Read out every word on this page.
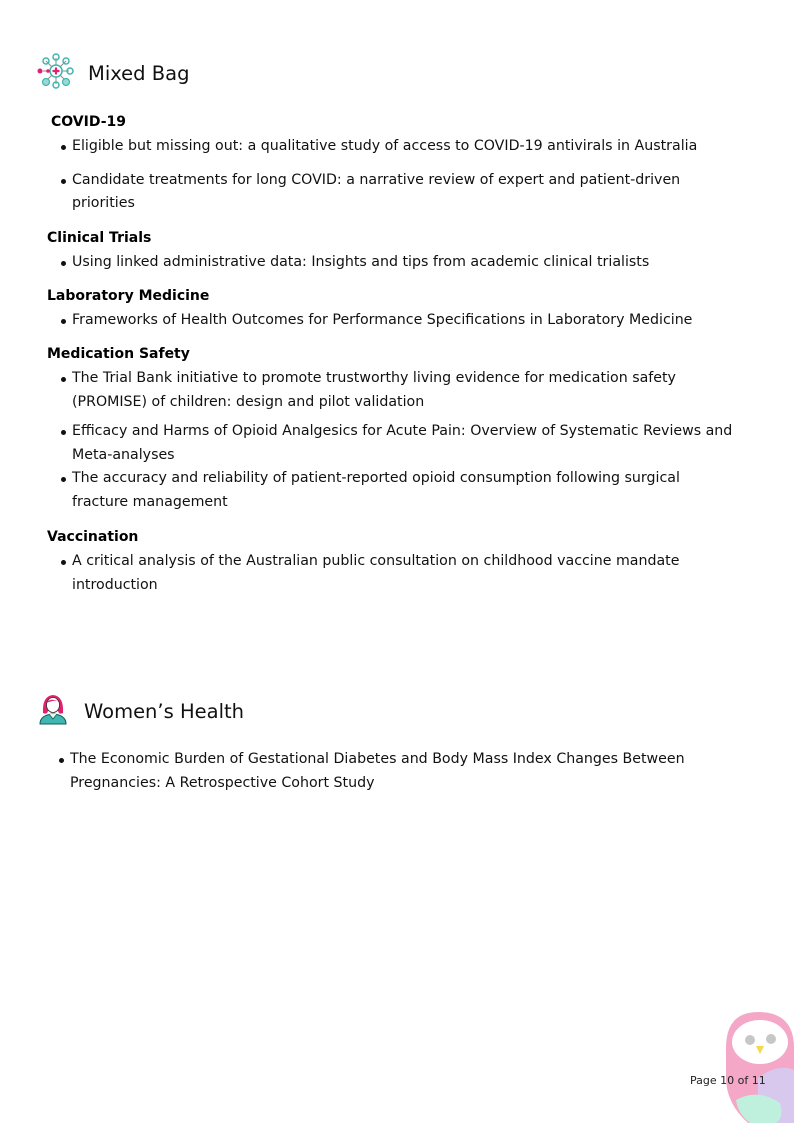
Mixed Bag
COVID-19
Eligible but missing out: a qualitative study of access to COVID-19 antivirals in Australia
Candidate treatments for long COVID: a narrative review of expert and patient-driven priorities
Clinical Trials
Using linked administrative data: Insights and tips from academic clinical trialists
Laboratory Medicine
Frameworks of Health Outcomes for Performance Specifications in Laboratory Medicine
Medication Safety
The Trial Bank initiative to promote trustworthy living evidence for medication safety (PROMISE) of children: design and pilot validation
Efficacy and Harms of Opioid Analgesics for Acute Pain: Overview of Systematic Reviews and Meta-analyses
The accuracy and reliability of patient-reported opioid consumption following surgical fracture management
Vaccination
A critical analysis of the Australian public consultation on childhood vaccine mandate introduction
Women’s Health
The Economic Burden of Gestational Diabetes and Body Mass Index Changes Between Pregnancies: A Retrospective Cohort Study
Page 10 of 11
